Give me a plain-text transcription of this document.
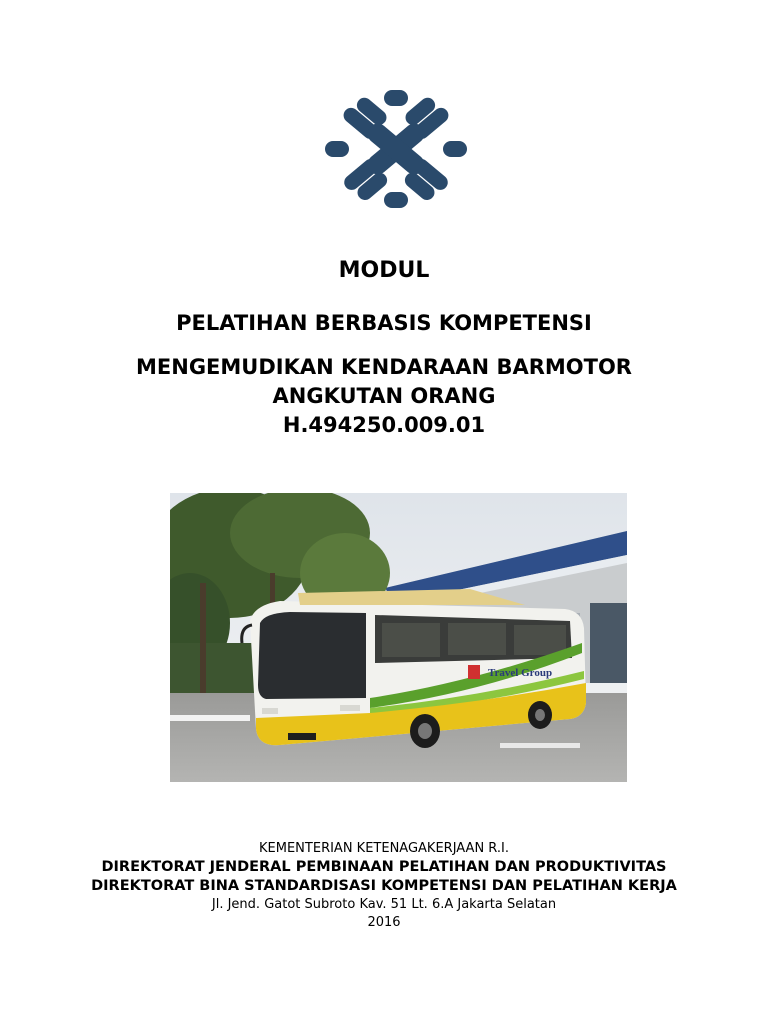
MODUL
PELATIHAN BERBASIS KOMPETENSI
MENGEMUDIKAN KENDARAAN BARMOTOR
ANGKUTAN ORANG
H.494250.009.01
Travel Group
KEMENTERIAN KETENAGAKERJAAN R.I.
DIREKTORAT JENDERAL PEMBINAAN PELATIHAN DAN PRODUKTIVITAS
DIREKTORAT BINA STANDARDISASI KOMPETENSI DAN PELATIHAN KERJA
Jl. Jend. Gatot Subroto Kav. 51 Lt. 6.A Jakarta Selatan
2016
